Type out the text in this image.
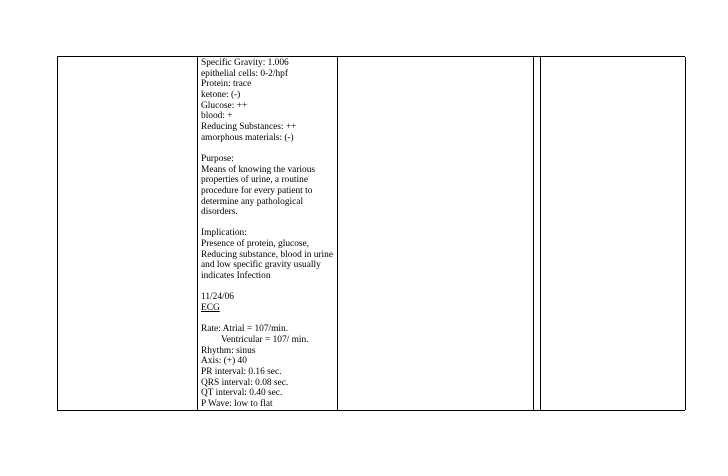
Specific Gravity: 1.006
epithelial cells: 0-2/hpf
Protein: trace
ketone: (-)
Glucose: ++
blood: +
Reducing Substances: ++
amorphous materials: (-)
Purpose:
Means of knowing the various
properties of urine, a routine
procedure for every patient to
determine any pathological
disorders.
Implication:
Presence of protein, glucose,
Reducing substance, blood in urine
and low specific gravity usually
indicates Infection
11/24/06
ECG
Rate: Atrial = 107/min.
Ventricular = 107/ min.
Rhythm: sinus
Axis: (+) 40
PR interval: 0.16 sec.
QRS interval: 0.08 sec.
QT interval: 0.40 sec.
P Wave: low to flat
